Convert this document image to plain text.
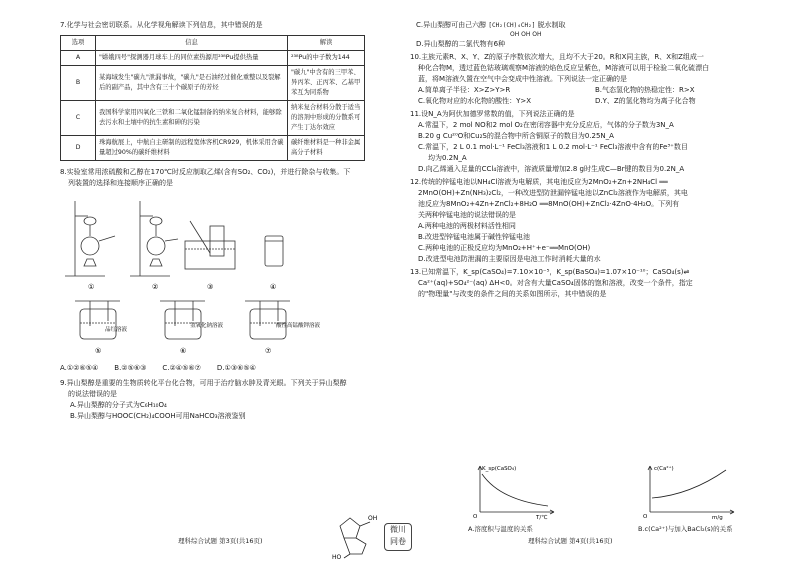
7.化学与社会密切联系。从化学视角解读下列信息，其中错误的是

选项	信息	解读
A	"嫦娥四号"探测器月球车上的同位素热源用²³⁸Pu提供热量	²³⁸Pu的中子数为144
B	某海域发生"碳九"泄漏事故，"碳九"是石油经过催化重整以及裂解后的副产品，其中含有三十个碳原子的芳烃	"碳九"中含有的三甲苯、异丙苯、正丙苯、乙基甲苯互为同系物
C	我国科学家用四氧化三铁和二氧化锰制备的纳米复合材料，能够除去污水和土壤中的抗生素和砷的污染	纳米复合材料分散于适当的溶剂中形成的分散系可产生丁达尔效应
D	珠海航展上，中航自主研制的远程宽体客机CR929，机体采用含碳量超过90%的碳纤维材料	碳纤维材料是一种非金属高分子材料

8.实验室常用浓硫酸和乙醇在170℃时反应制取乙烯(含有SO₂、CO₂)，并进行除杂与收集。下

列装置的选择和连接顺序正确的是

①	②	③	④
品红溶液
氢氧化钠溶液	酸性高锰酸钾溶液
⑤	⑥	⑦
A.①②⑥⑤④ B.②⑤⑥③ C.②④⑤⑥⑦ D.①③⑥⑤④

9.异山梨醇是重要的生物质转化平台化合物，可用于治疗脑水肿及青光眼。下列关于异山梨醇

的说法错误的是

A.异山梨醇的分子式为C₆H₁₀O₄

B.异山梨醇与HOOC(CH₂)₄COOH可用NaHCO₃溶液鉴别

OH
HO

C.异山梨醇可由己六醇 [CH₂(CH)₄CH₂] 脱水制取

OH OH OH

D.异山梨醇的二氯代物有6种

10.主族元素R、X、Y、Z的原子序数依次增大，且均不大于20。R和X同主族，R、X和Z组成一

种化合物M，透过蓝色钴玻璃观察M溶液的焰色反应呈紫色，M溶液可以用于检验二氧化硫漂白

蓝，将M溶液久置在空气中会变成中性溶液。下列说法一定正确的是

A.简单离子半径：X>Z>Y>R	B.气态氢化物的热稳定性：R>X
C.氧化物对应的水化物的酸性：Y>X	D.Y、Z的氢化物均为离子化合物

11.设N_A为阿伏加德罗常数的值，下列说法正确的是

A.常温下，2 mol NO和2 mol O₂在密闭容器中充分反应后，气体的分子数为3N_A

B.20 g Cu²⁰O和Cu₂S的混合物中所含铜原子的数目为0.25N_A

C.常温下，2 L 0.1 mol·L⁻¹ FeCl₃溶液和1 L 0.2 mol·L⁻¹ FeCl₃溶液中含有的Fe³⁺数目

均为0.2N_A

D.向乙烯通入足量的CCl₄溶液中，溶液质量增加2.8 g时生成C—Br键的数目为0.2N_A

12.传统的锌锰电池以NH₄Cl溶液为电解质，其电池反应为2MnO₂+Zn+2NH₄Cl ══

2MnO(OH)+Zn(NH₃)₂Cl₂，一种改进型防泄漏锌锰电池以ZnCl₂溶液作为电解质，其电

池反应为8MnO₂+4Zn+ZnCl₂+8H₂O ══8MnO(OH)+ZnCl₂·4ZnO·4H₂O。下列有

关两种锌锰电池的说法错误的是

A.两种电池的两极材料活性相同

B.改进型锌锰电池属于碱性锌锰电池

C.两种电池的正极反应均为MnO₂+H⁺+e⁻══MnO(OH)

D.改进型电池防泄漏的主要原因是电池工作时消耗大量的水

13.已知常温下，K_sp(CaSO₄)=7.10×10⁻⁵，K_sp(BaSO₄)=1.07×10⁻¹⁰；CaSO₄(s)⇌

Ca²⁺(aq)+SO₄²⁻(aq) ΔH<0。对含有大量CaSO₄固体的饱和溶液，改变一个条件，指定

的"物理量"与改变的条件之间的关系如图所示，其中错误的是

K_sp(CaSO₄)
T/℃
O
c(Ca²⁺)
m/g
O
A.溶度积与温度的关系	B.c(Ca²⁺)与加入BaCl₂(s)的关系
理科综合试题 第3页(共16页)
微川
同卷	理科综合试题 第4页(共16页)
